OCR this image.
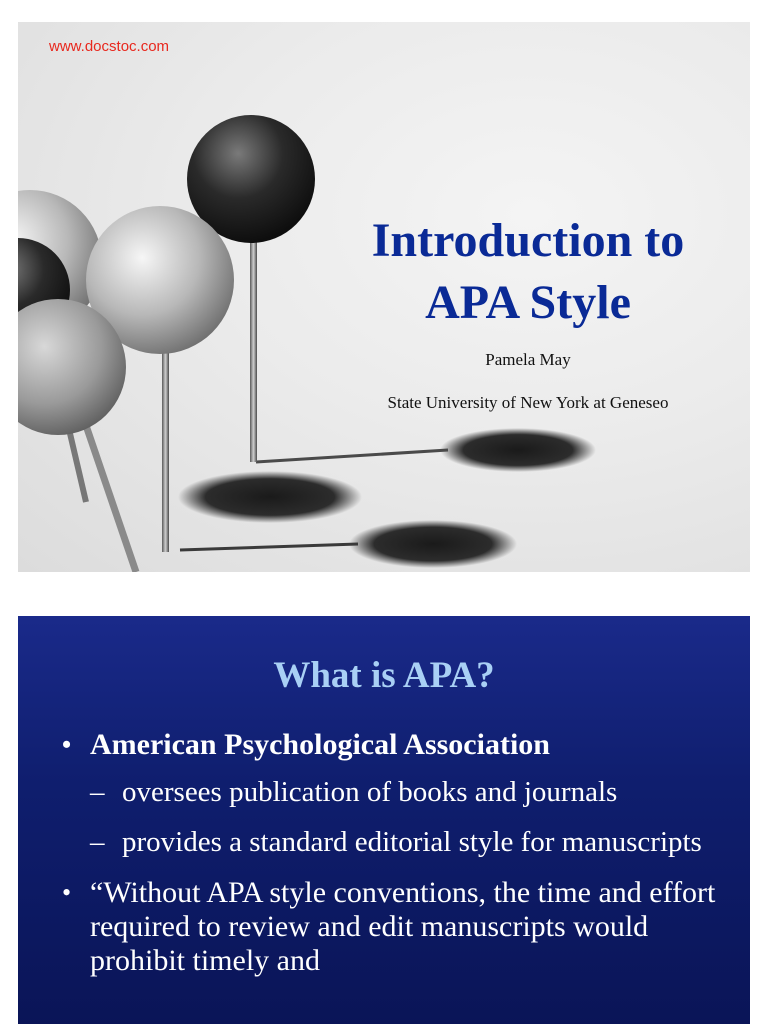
www.docstoc.com

Introduction to
APA Style

Pamela May

State University of New York at Geneseo

What is APA?

• American Psychological Association

– oversees publication of books and journals

– provides a standard editorial style for manuscripts

• “Without APA style conventions, the time and effort required to review and edit manuscripts would prohibit timely and
